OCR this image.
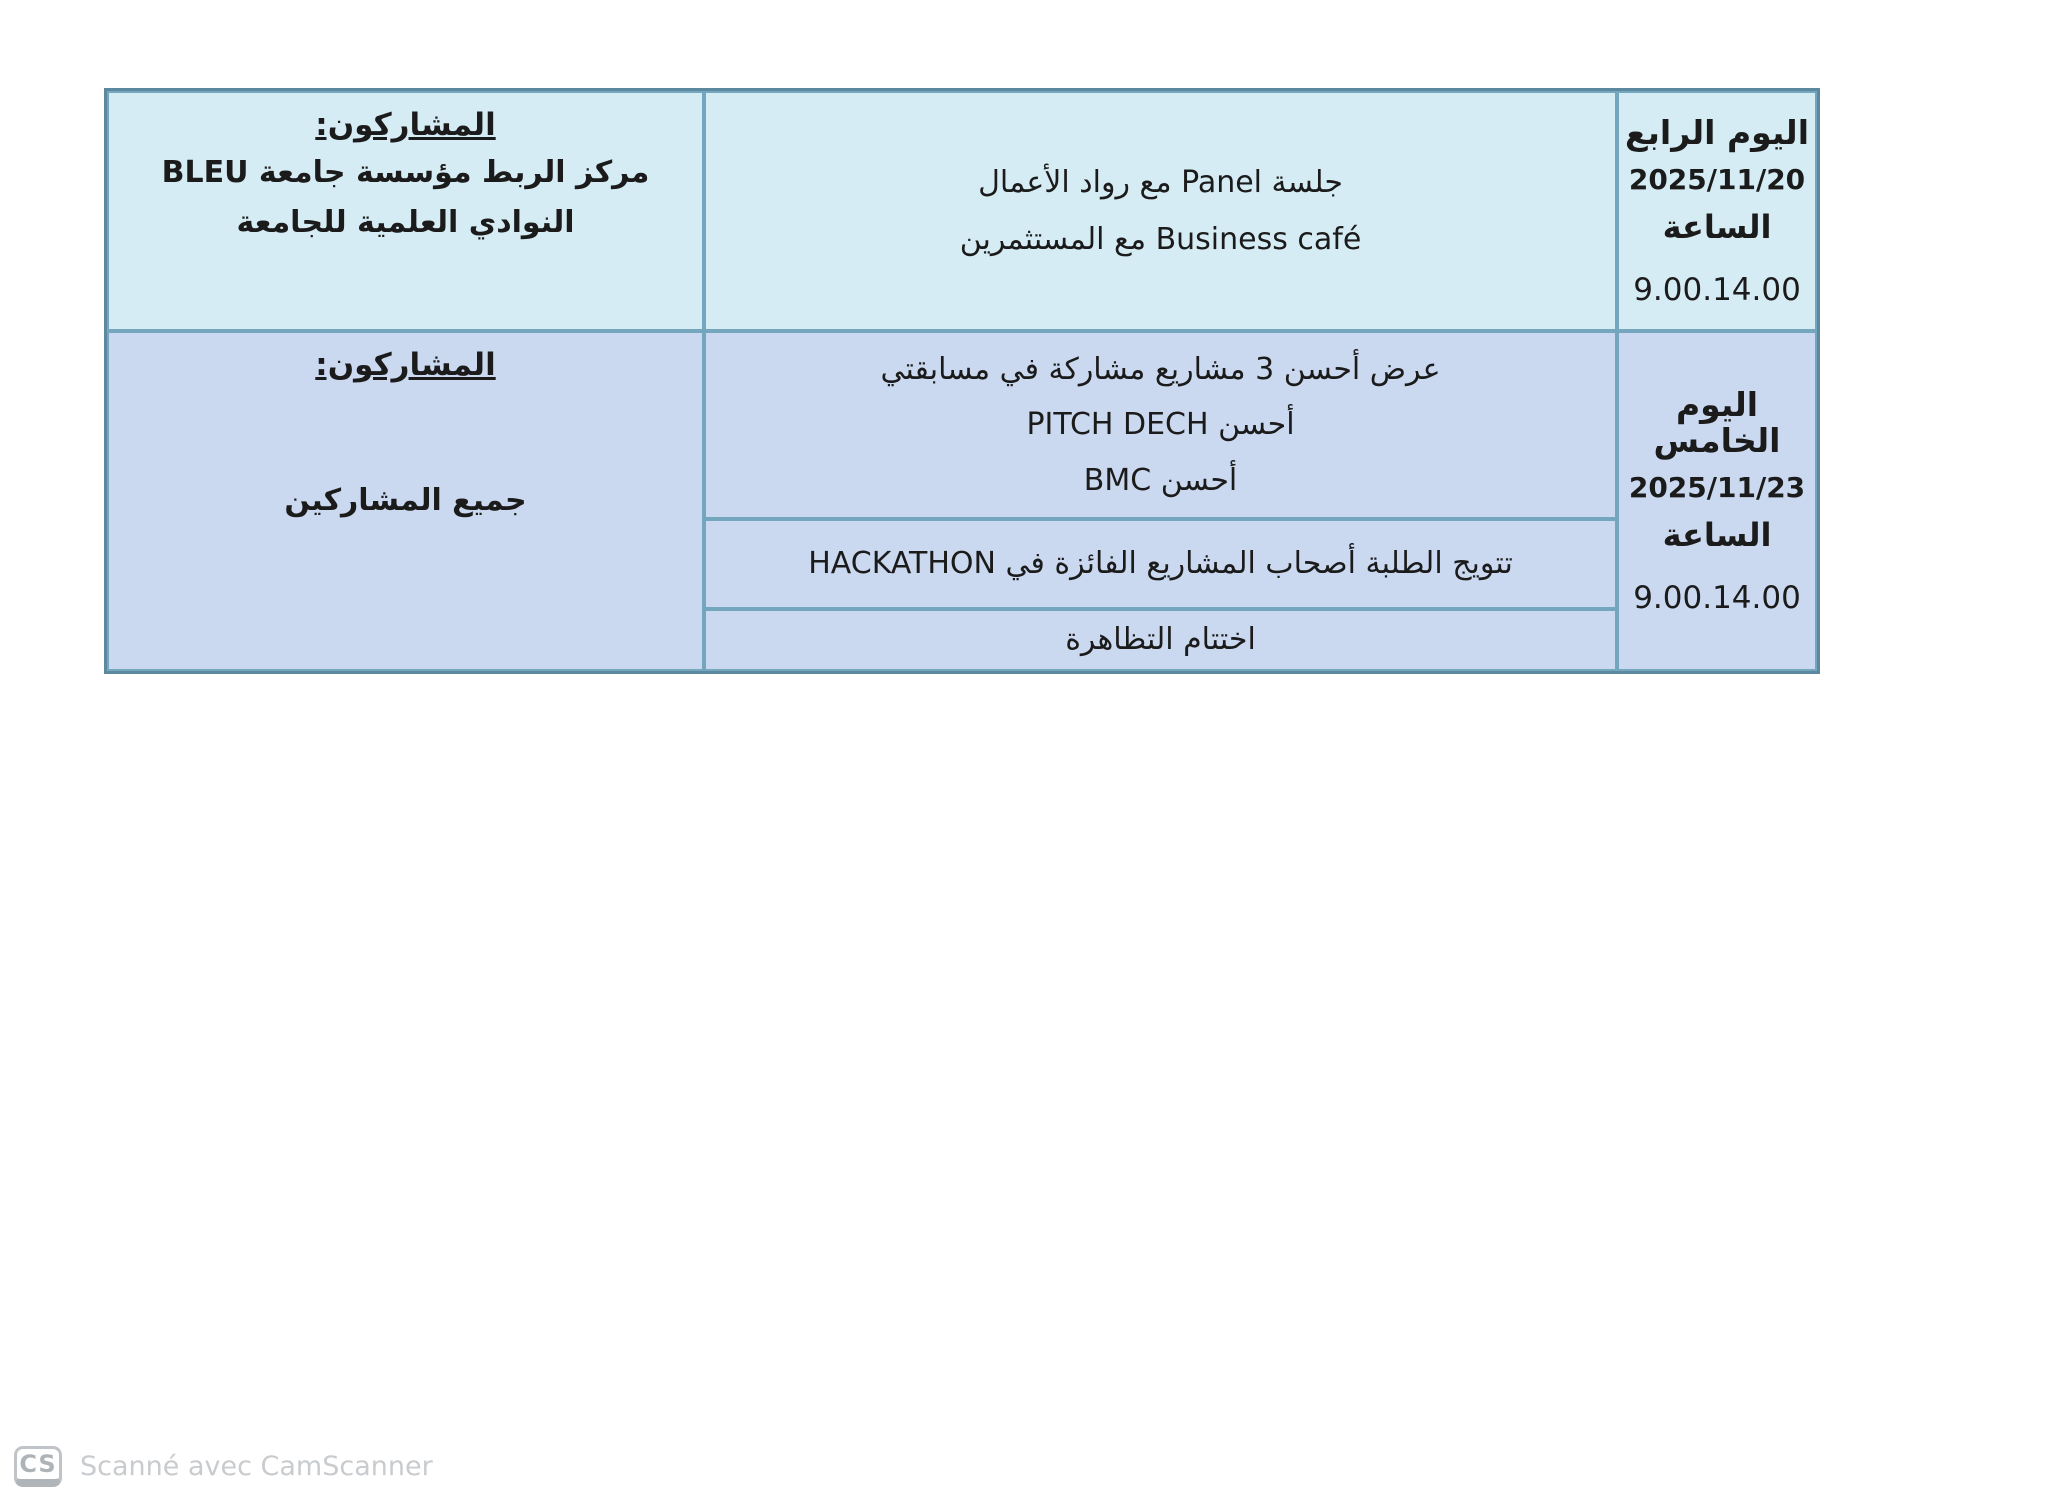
اليوم الرابع
2025/11/20
الساعة
9.00.14.00
جلسة Panel مع رواد الأعمال
Business café مع المستثمرين
المشاركون:
مركز الربط مؤسسة جامعة BLEU
النوادي العلمية للجامعة
اليوم الخامس
2025/11/23
الساعة
9.00.14.00
عرض أحسن 3 مشاريع مشاركة في مسابقتي
أحسن PITCH DECH
أحسن BMC
تتويج الطلبة أصحاب المشاريع الفائزة في HACKATHON
اختتام التظاهرة
المشاركون:
جميع المشاركين
CS Scanné avec CamScanner
